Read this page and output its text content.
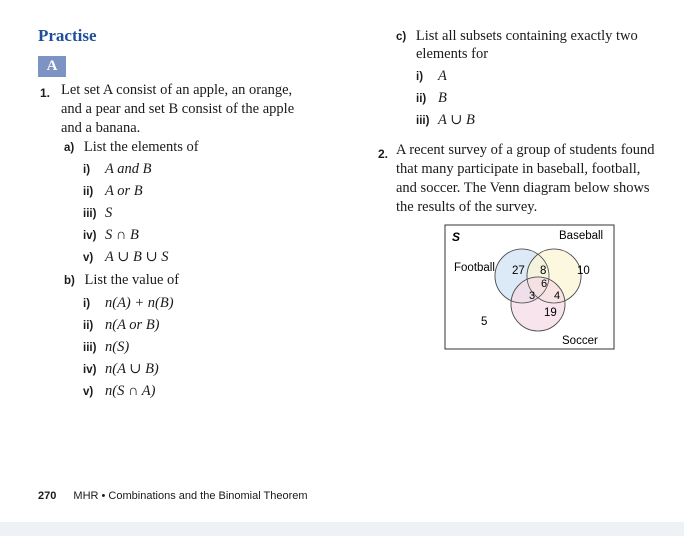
Practise
A
1. Let set A consist of an apple, an orange,
and a pear and set B consist of the apple
and a banana.
a) List the elements of
i) A and B
ii) A or B
iii) S
iv) S ∩ B
v) A ∪ B ∪ S
b) List the value of
i) n(A) + n(B)
ii) n(A or B)
iii) n(S)
iv) n(A ∪ B)
v) n(S ∩ A)
c) List all subsets containing exactly two
elements for
i) A
ii) B
iii) A ∪ B
2. A recent survey of a group of students found
that many participate in baseball, football,
and soccer. The Venn diagram below shows
the results of the survey.
S	Baseball
Football
Soccer
27 8	10
6
3 4
19
5
270 MHR • Combinations and the Binomial Theorem
